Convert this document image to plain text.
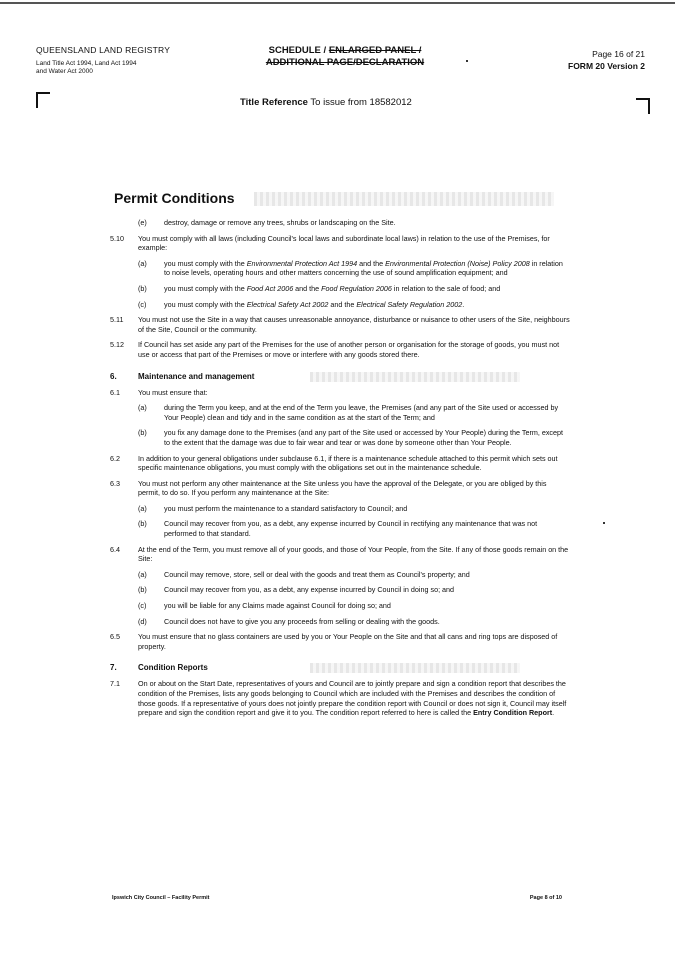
QUEENSLAND LAND REGISTRY
Land Title Act 1994, Land Act 1994
and Water Act 2000
SCHEDULE / ENLARGED PANEL /
ADDITIONAL PAGE/DECLARATION
Page 16 of 21
FORM 20 Version 2
Title Reference To issue from 18582012
Permit Conditions
(e)	destroy, damage or remove any trees, shrubs or landscaping on the Site.
5.10	You must comply with all laws (including Council's local laws and subordinate local laws) in relation to the use of the Premises, for example:
(a)	you must comply with the Environmental Protection Act 1994 and the Environmental Protection (Noise) Policy 2008 in relation to noise levels, operating hours and other matters concerning the use of sound amplification equipment; and
(b)	you must comply with the Food Act 2006 and the Food Regulation 2006 in relation to the sale of food; and
(c)	you must comply with the Electrical Safety Act 2002 and the Electrical Safety Regulation 2002.
5.11	You must not use the Site in a way that causes unreasonable annoyance, disturbance or nuisance to other users of the Site, neighbours of the Site, Council or the community.
5.12	If Council has set aside any part of the Premises for the use of another person or organisation for the storage of goods, you must not use or access that part of the Premises or move or interfere with any goods stored there.
6.	Maintenance and management
6.1	You must ensure that:
(a)	during the Term you keep, and at the end of the Term you leave, the Premises (and any part of the Site used or accessed by Your People) clean and tidy and in the same condition as at the start of the Term; and
(b)	you fix any damage done to the Premises (and any part of the Site used or accessed by Your People) during the Term, except to the extent that the damage was due to fair wear and tear or was done by someone other than Your People.
6.2	In addition to your general obligations under subclause 6.1, if there is a maintenance schedule attached to this permit which sets out specific maintenance obligations, you must comply with the obligations set out in the maintenance schedule.
6.3	You must not perform any other maintenance at the Site unless you have the approval of the Delegate, or you are obliged by this permit, to do so. If you perform any maintenance at the Site:
(a)	you must perform the maintenance to a standard satisfactory to Council; and
(b)	Council may recover from you, as a debt, any expense incurred by Council in rectifying any maintenance that was not performed to that standard.
6.4	At the end of the Term, you must remove all of your goods, and those of Your People, from the Site. If any of those goods remain on the Site:
(a)	Council may remove, store, sell or deal with the goods and treat them as Council's property; and
(b)	Council may recover from you, as a debt, any expense incurred by Council in doing so; and
(c)	you will be liable for any Claims made against Council for doing so; and
(d)	Council does not have to give you any proceeds from selling or dealing with the goods.
6.5	You must ensure that no glass containers are used by you or Your People on the Site and that all cans and ring tops are disposed of property.
7.	Condition Reports
7.1	On or about on the Start Date, representatives of yours and Council are to jointly prepare and sign a condition report that describes the condition of the Premises, lists any goods belonging to Council which are included with the Premises and describes the condition of those goods. If a representative of yours does not jointly prepare the condition report with Council or does not sign it, Council may itself prepare and sign the condition report and give it to you. The condition report referred to here is called the Entry Condition Report.
Ipswich City Council – Facility Permit	Page 8 of 10
